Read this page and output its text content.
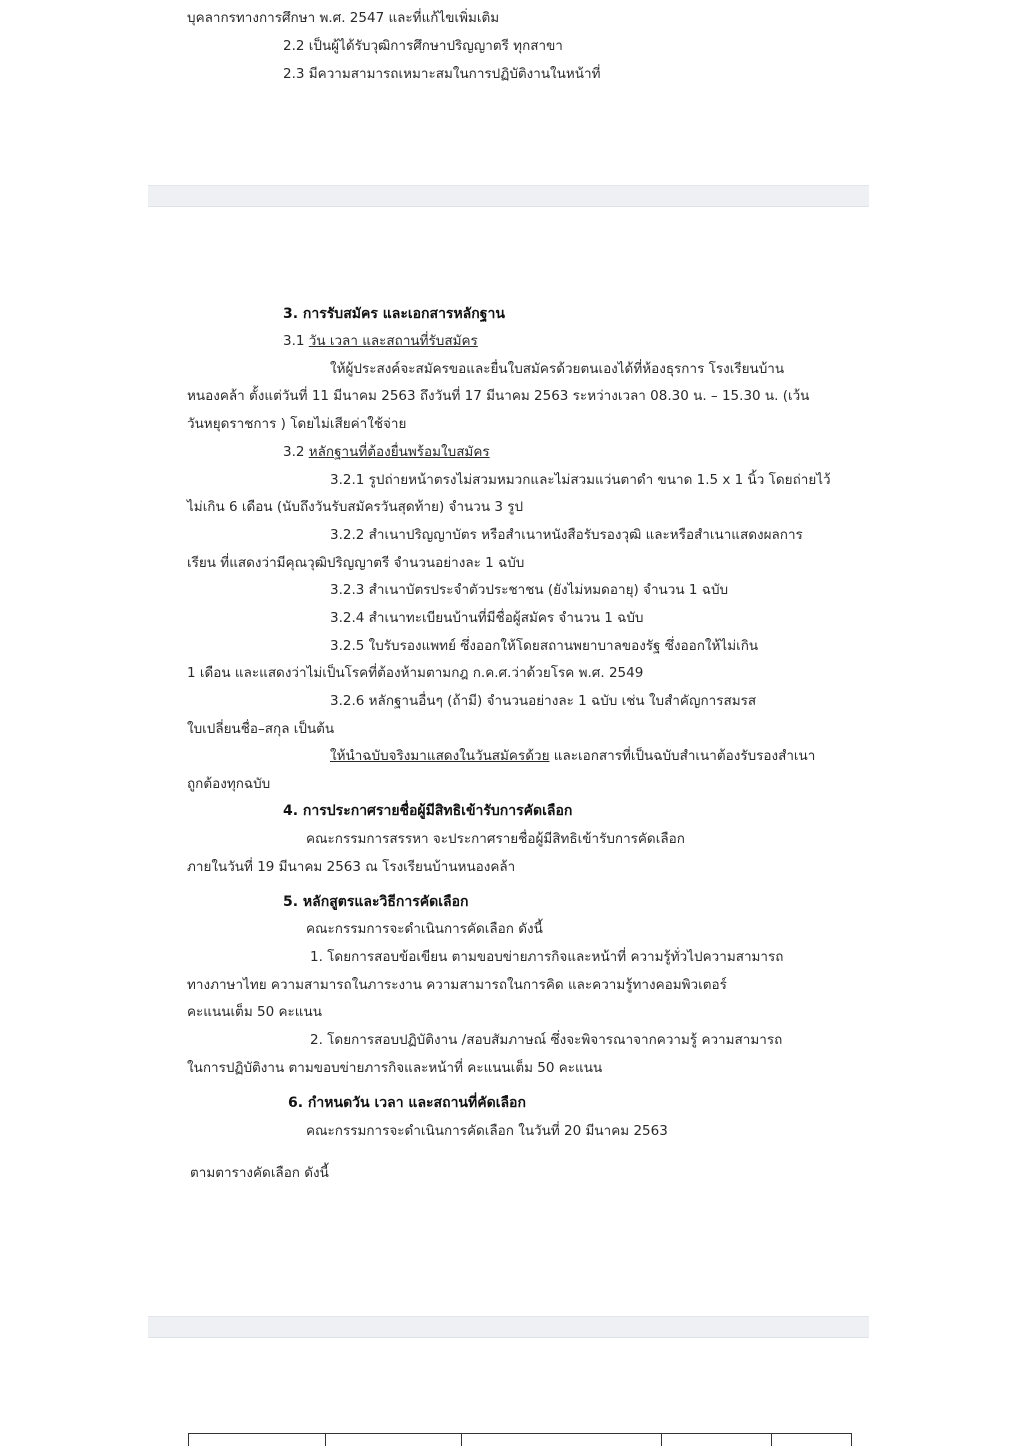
บุคลากรทางการศึกษา พ.ศ. 2547 และที่แก้ไขเพิ่มเติม
2.2 เป็นผู้ได้รับวุฒิการศึกษาปริญญาตรี ทุกสาขา
2.3 มีความสามารถเหมาะสมในการปฏิบัติงานในหน้าที่
3. การรับสมัคร และเอกสารหลักฐาน
3.1 วัน เวลา และสถานที่รับสมัคร
ให้ผู้ประสงค์จะสมัครขอและยื่นใบสมัครด้วยตนเองได้ที่ห้องธุรการ โรงเรียนบ้าน
หนองคล้า ตั้งแต่วันที่ 11 มีนาคม 2563 ถึงวันที่ 17 มีนาคม 2563 ระหว่างเวลา 08.30 น. – 15.30 น. (เว้น
วันหยุดราชการ ) โดยไม่เสียค่าใช้จ่าย
3.2 หลักฐานที่ต้องยื่นพร้อมใบสมัคร
3.2.1 รูปถ่ายหน้าตรงไม่สวมหมวกและไม่สวมแว่นตาดำ ขนาด 1.5 x 1 นิ้ว โดยถ่ายไว้
ไม่เกิน 6 เดือน (นับถึงวันรับสมัครวันสุดท้าย) จำนวน 3 รูป
3.2.2 สำเนาปริญญาบัตร หรือสำเนาหนังสือรับรองวุฒิ และหรือสำเนาแสดงผลการ
เรียน ที่แสดงว่ามีคุณวุฒิปริญญาตรี จำนวนอย่างละ 1 ฉบับ
3.2.3 สำเนาบัตรประจำตัวประชาชน (ยังไม่หมดอายุ) จำนวน 1 ฉบับ
3.2.4 สำเนาทะเบียนบ้านที่มีชื่อผู้สมัคร จำนวน 1 ฉบับ
3.2.5 ใบรับรองแพทย์ ซึ่งออกให้โดยสถานพยาบาลของรัฐ ซึ่งออกให้ไม่เกิน
1 เดือน และแสดงว่าไม่เป็นโรคที่ต้องห้ามตามกฎ ก.ค.ศ.ว่าด้วยโรค พ.ศ. 2549
3.2.6 หลักฐานอื่นๆ (ถ้ามี) จำนวนอย่างละ 1 ฉบับ เช่น ใบสำคัญการสมรส
ใบเปลี่ยนชื่อ–สกุล เป็นต้น
ให้นำฉบับจริงมาแสดงในวันสมัครด้วย และเอกสารที่เป็นฉบับสำเนาต้องรับรองสำเนา
ถูกต้องทุกฉบับ
4. การประกาศรายชื่อผู้มีสิทธิเข้ารับการคัดเลือก
คณะกรรมการสรรหา จะประกาศรายชื่อผู้มีสิทธิเข้ารับการคัดเลือก
ภายในวันที่ 19 มีนาคม 2563 ณ โรงเรียนบ้านหนองคล้า
5. หลักสูตรและวิธีการคัดเลือก
คณะกรรมการจะดำเนินการคัดเลือก ดังนี้
1. โดยการสอบข้อเขียน ตามขอบข่ายภารกิจและหน้าที่ ความรู้ทั่วไปความสามารถ
ทางภาษาไทย ความสามารถในภาระงาน ความสามารถในการคิด และความรู้ทางคอมพิวเตอร์
คะแนนเต็ม 50 คะแนน
2. โดยการสอบปฏิบัติงาน /สอบสัมภาษณ์ ซึ่งจะพิจารณาจากความรู้ ความสามารถ
ในการปฏิบัติงาน ตามขอบข่ายภารกิจและหน้าที่ คะแนนเต็ม 50 คะแนน
6. กำหนดวัน เวลา และสถานที่คัดเลือก
คณะกรรมการจะดำเนินการคัดเลือก ในวันที่ 20 มีนาคม 2563
ตามตารางคัดเลือก ดังนี้
